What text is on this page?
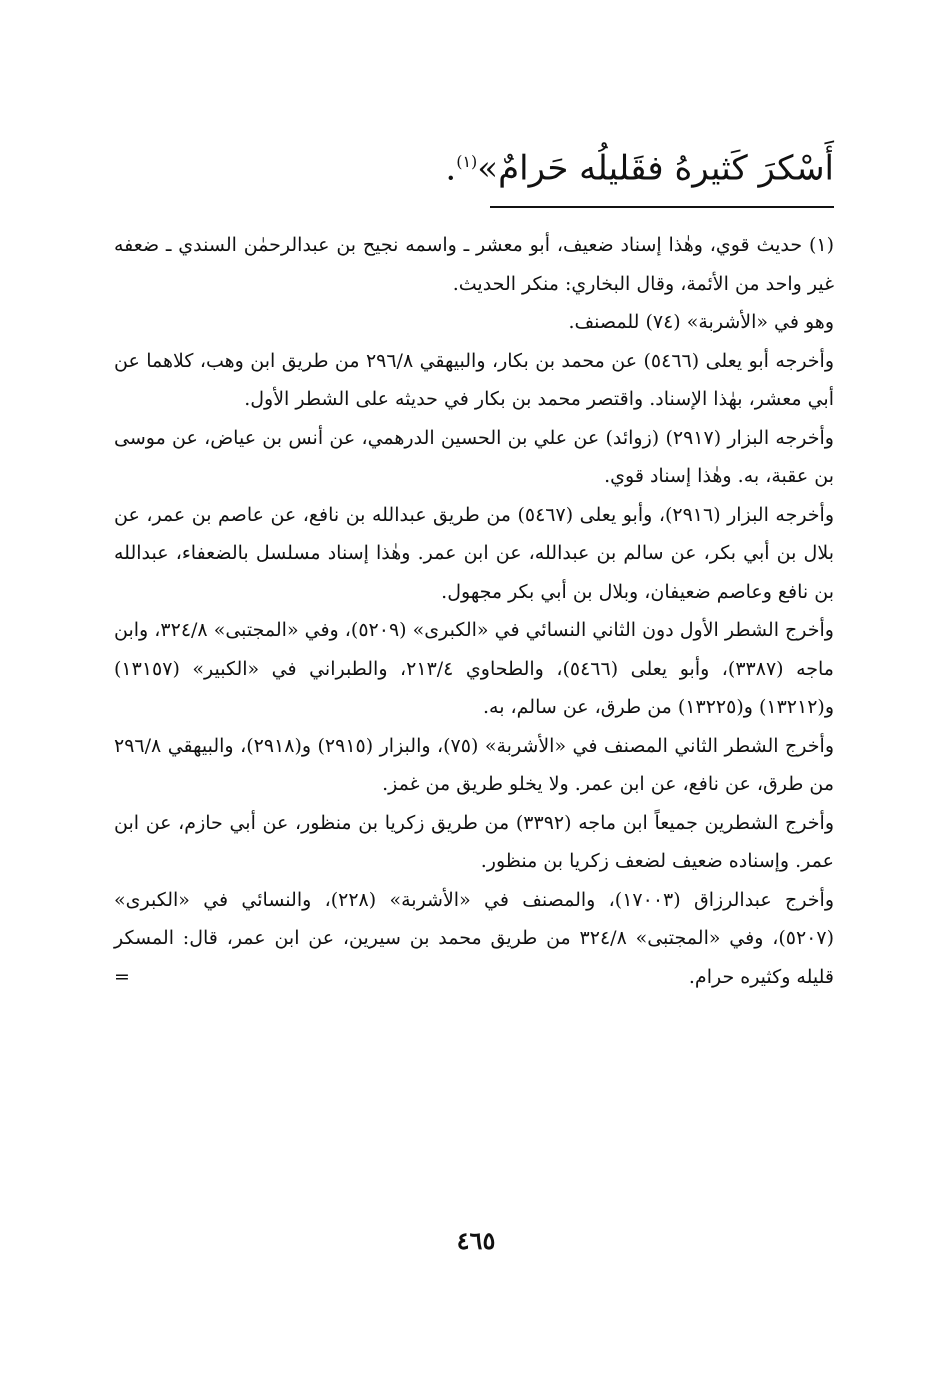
أَسْكرَ كَثيرهُ فقَليلُه حَرامٌ»$^{(١)}$.

(١) حديث قوي، وهٰذا إسناد ضعيف، أبو معشر ـ واسمه نجيح بن عبدالرحمٰن السندي ـ ضعفه غير واحد من الأئمة، وقال البخاري: منكر الحديث.

وهو في «الأشربة» (٧٤) للمصنف.

وأخرجه أبو يعلى (٥٤٦٦) عن محمد بن بكار، والبيهقي ٢٩٦/٨ من طريق ابن وهب، كلاهما عن أبي معشر، بهٰذا الإسناد. واقتصر محمد بن بكار في حديثه على الشطر الأول.

وأخرجه البزار (٢٩١٧) (زوائد) عن علي بن الحسين الدرهمي، عن أنس بن عياض، عن موسى بن عقبة، به. وهٰذا إسناد قوي.

وأخرجه البزار (٢٩١٦)، وأبو يعلى (٥٤٦٧) من طريق عبدالله بن نافع، عن عاصم بن عمر، عن بلال بن أبي بكر، عن سالم بن عبدالله، عن ابن عمر. وهٰذا إسناد مسلسل بالضعفاء، عبدالله بن نافع وعاصم ضعيفان، وبلال بن أبي بكر مجهول.

وأخرج الشطر الأول دون الثاني النسائي في «الكبرى» (٥٢٠٩)، وفي «المجتبى» ٣٢٤/٨، وابن ماجه (٣٣٨٧)، وأبو يعلى (٥٤٦٦)، والطحاوي ٢١٣/٤، والطبراني في «الكبير» (١٣١٥٧) و(١٣٢١٢) و(١٣٢٢٥) من طرق، عن سالم، به.

وأخرج الشطر الثاني المصنف في «الأشربة» (٧٥)، والبزار (٢٩١٥) و(٢٩١٨)، والبيهقي ٢٩٦/٨ من طرق، عن نافع، عن ابن عمر. ولا يخلو طريق من غمز.

وأخرج الشطرين جميعاً ابن ماجه (٣٣٩٢) من طريق زكريا بن منظور، عن أبي حازم، عن ابن عمر. وإسناده ضعيف لضعف زكريا بن منظور.

وأخرج عبدالرزاق (١٧٠٠٣)، والمصنف في «الأشربة» (٢٢٨)، والنسائي في «الكبرى» (٥٢٠٧)، وفي «المجتبى» ٣٢٤/٨ من طريق محمد بن سيرين، عن ابن عمر، قال: المسكر قليله وكثيره حرام.

=
٤٦٥
